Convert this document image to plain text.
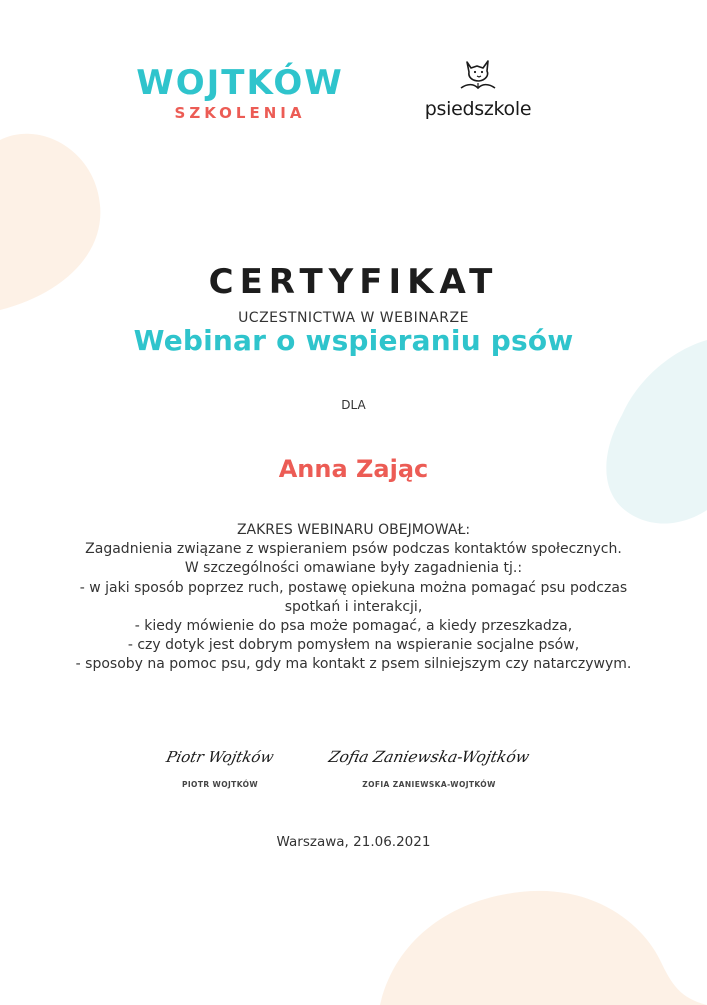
WOJTKÓW
SZKOLENIA	psiedszkole
CERTYFIKAT
UCZESTNICTWA W WEBINARZE
Webinar o wspieraniu psów
DLA
Anna Zając
ZAKRES WEBINARU OBEJMOWAŁ:
Zagadnienia związane z wspieraniem psów podczas kontaktów społecznych.
W szczególności omawiane były zagadnienia tj.:
- w jaki sposób poprzez ruch, postawę opiekuna można pomagać psu podczas
spotkań i interakcji,
- kiedy mówienie do psa może pomagać, a kiedy przeszkadza,
- czy dotyk jest dobrym pomysłem na wspieranie socjalne psów,
- sposoby na pomoc psu, gdy ma kontakt z psem silniejszym czy natarczywym.
Piotr Wojtków
PIOTR WOJTKÓW
Zofia Zaniewska-Wojtków
ZOFIA ZANIEWSKA-WOJTKÓW
Warszawa, 21.06.2021
